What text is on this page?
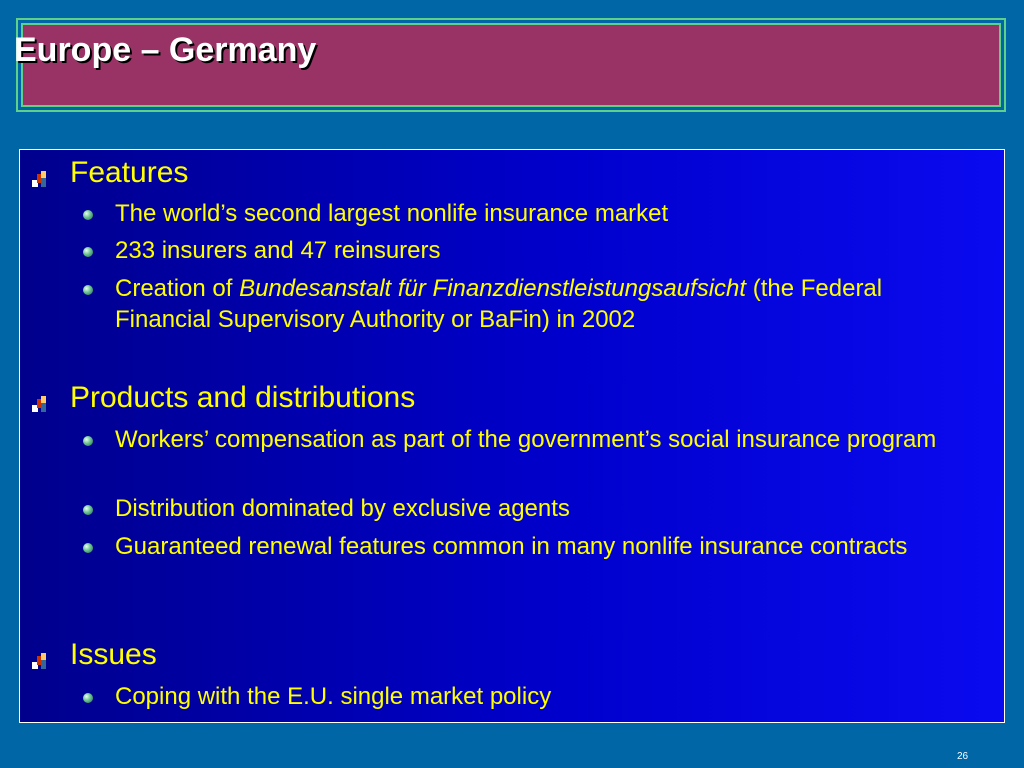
Europe – Germany
Features
The world’s second largest nonlife insurance market
233 insurers and 47 reinsurers
Creation of Bundesanstalt für Finanzdienstleistungsaufsicht (the Federal Financial Supervisory Authority or BaFin) in 2002
Products and distributions
Workers’ compensation as part of the government’s social insurance program
Distribution dominated by exclusive agents
Guaranteed renewal features common in many nonlife insurance contracts
Issues
Coping with the E.U. single market policy
26
